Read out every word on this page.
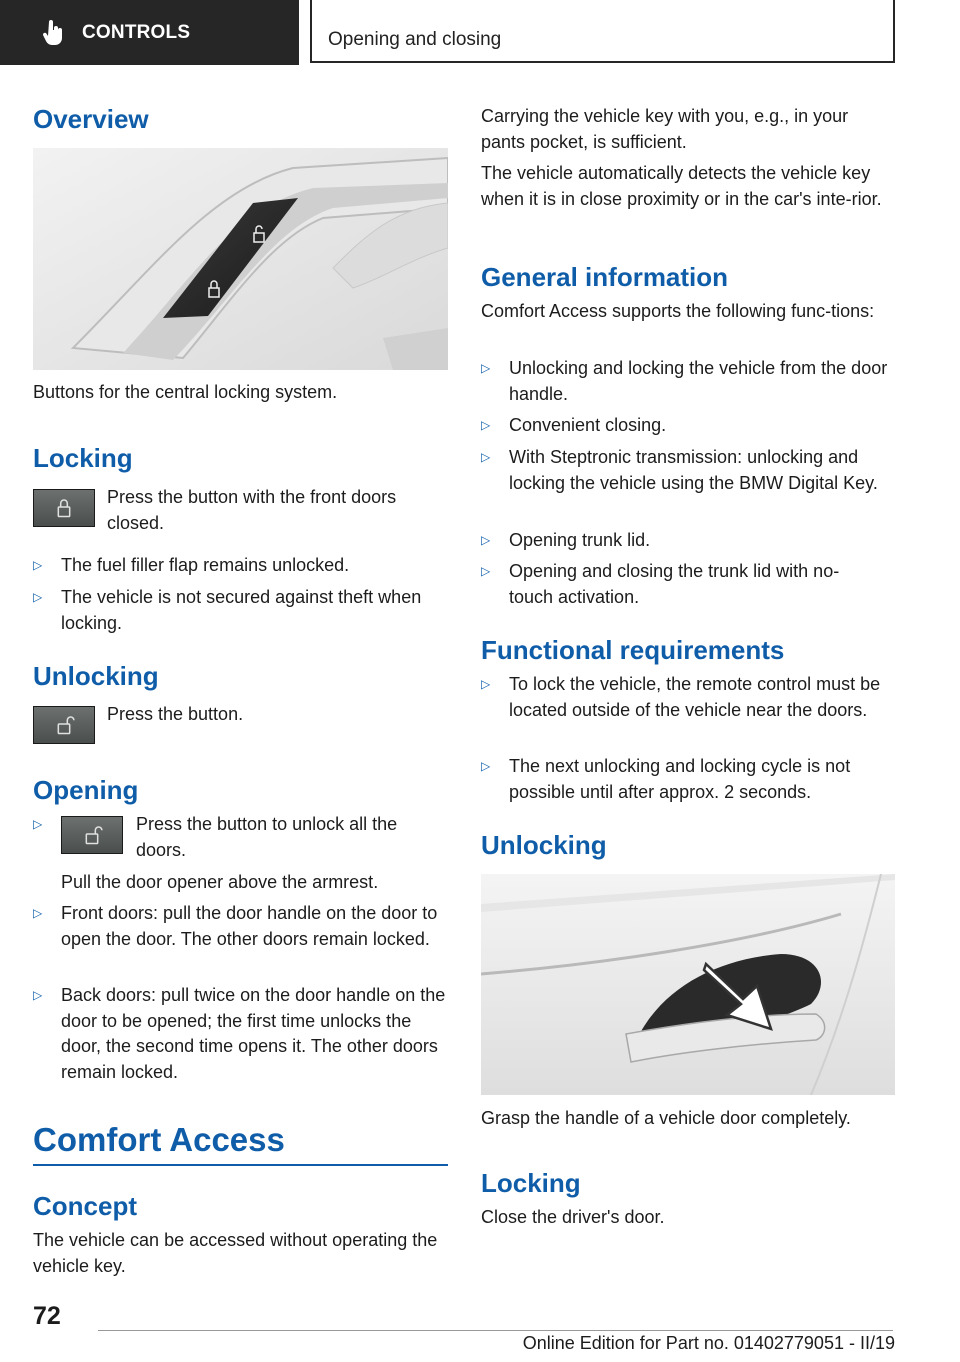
CONTROLS	Opening and closing
Overview
Buttons for the central locking system.
Locking
Press the button with the front doors closed.
▷ The fuel filler flap remains unlocked.
▷ The vehicle is not secured against theft when locking.
Unlocking
Press the button.
Opening
▷	Press the button to unlock all the doors.
Pull the door opener above the armrest.
▷ Front doors: pull the door handle on the door to open the door. The other doors remain locked.
▷ Back doors: pull twice on the door handle on the door to be opened; the first time unlocks the door, the second time opens it. The other doors remain locked.
Comfort Access
Concept
The vehicle can be accessed without operating the vehicle key.
Carrying the vehicle key with you, e.g., in your pants pocket, is sufficient.
The vehicle automatically detects the vehicle key when it is in close proximity or in the car's inte-rior.
General information
Comfort Access supports the following func-tions:
▷ Unlocking and locking the vehicle from the door handle.
▷ Convenient closing.
▷ With Steptronic transmission: unlocking and locking the vehicle using the BMW Digital Key.
▷ Opening trunk lid.
▷ Opening and closing the trunk lid with no-touch activation.
Functional requirements
▷ To lock the vehicle, the remote control must be located outside of the vehicle near the doors.
▷ The next unlocking and locking cycle is not possible until after approx. 2 seconds.
Unlocking
Grasp the handle of a vehicle door completely.
Locking
Close the driver's door.
72
Online Edition for Part no. 01402779051 - II/19
